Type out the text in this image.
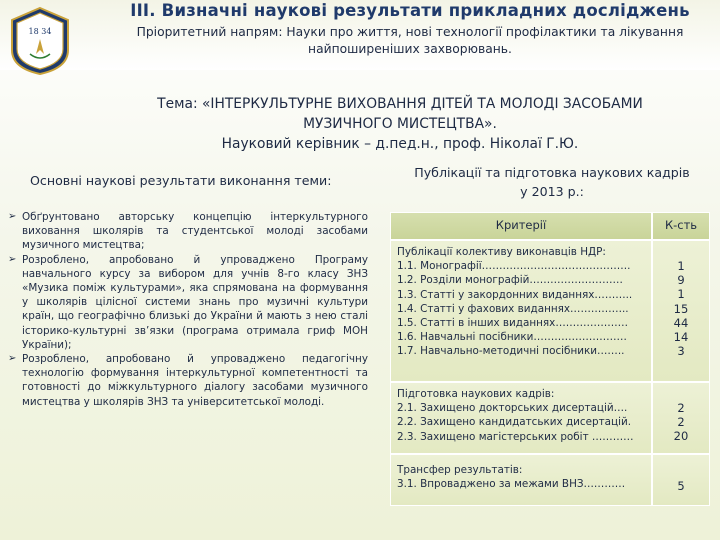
18 34
ІІІ. Визначні наукові результати прикладних досліджень
Пріоритетний напрям: Науки про життя, нові технології профілактики та лікування
найпоширеніших захворювань.
Тема: «ІНТЕРКУЛЬТУРНЕ ВИХОВАННЯ ДІТЕЙ ТА МОЛОДІ ЗАСОБАМИ
МУЗИЧНОГО МИСТЕЦТВА».
Науковий керівник – д.пед.н., проф. Ніколаї Г.Ю.
Основні наукові результати виконання теми:
➢ Обґрунтовано авторську концепцію інтеркультурного виховання школярів та студентської молоді засобами музичного мистецтва;
➢ Розроблено, апробовано й упроваджено Програму навчального курсу за вибором для учнів 8-го класу ЗНЗ «Музика поміж культурами», яка спрямована на формування у школярів цілісної системи знань про музичні культури країн, що географічно близькі до України й мають з нею сталі історико-культурні зв’язки (програма отримала гриф МОН України);
➢ Розроблено, апробовано й упроваджено педагогічну технологію формування інтеркультурної компетентності та готовності до міжкультурного діалогу засобами музичного мистецтва у школярів ЗНЗ та університетської молоді.
Публікації та підготовка наукових кадрів
у 2013 р.:
Критерії	К-сть
Публікації колективу виконавців НДР:
1.1. Монографії…………………………………….
1.2. Розділи монографій………………………
1.3. Статті у закордонних виданнях………..
1.4. Статті у фахових виданнях……………..
1.5. Статті в інших виданнях…………………
1.6. Навчальні посібники………………………
1.7. Навчально-методичні посібники……..
1
9
1
15
44
14
3
Підготовка наукових кадрів:
2.1. Захищено докторських дисертацій….
2.2. Захищено кандидатських дисертацій.
2.3. Захищено магістерських робіт …………
2
2
20
Трансфер результатів:
3.1. Впроваджено за межами ВНЗ…………	5
